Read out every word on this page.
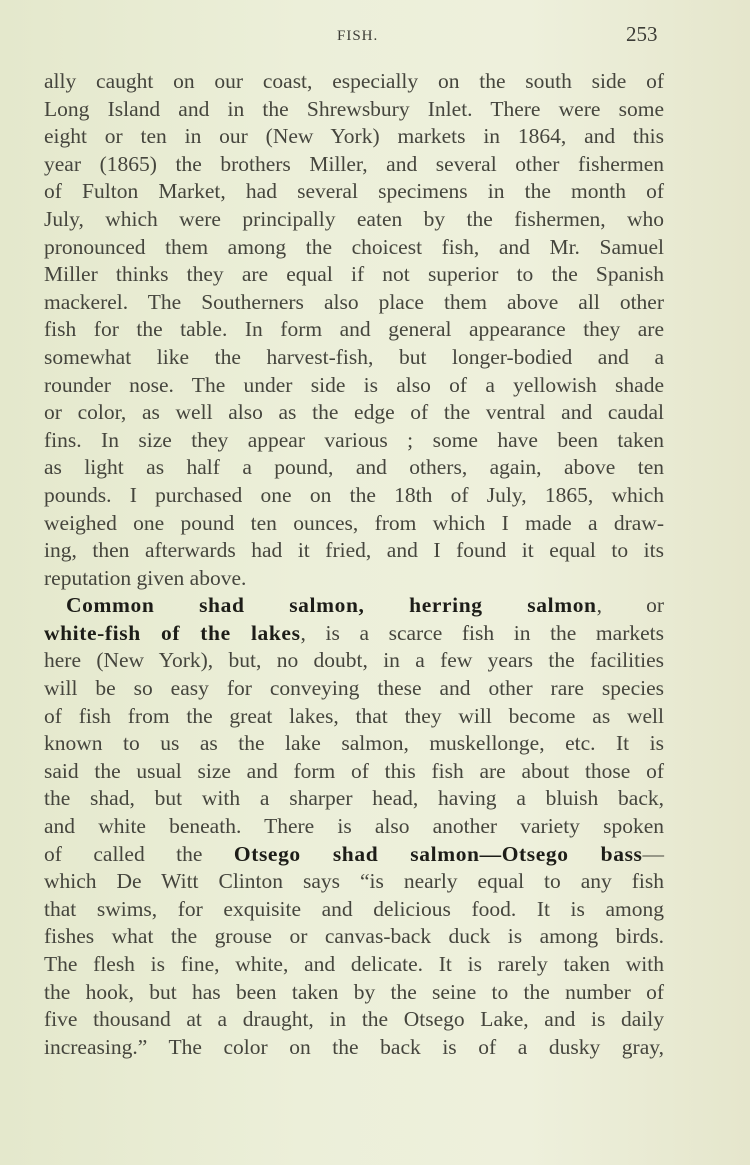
FISH.	253
ally caught on our coast, especially on the south side of
Long Island and in the Shrewsbury Inlet. There were some
eight or ten in our (New York) markets in 1864, and this
year (1865) the brothers Miller, and several other fishermen
of Fulton Market, had several specimens in the month of
July, which were principally eaten by the fishermen, who
pronounced them among the choicest fish, and Mr. Samuel
Miller thinks they are equal if not superior to the Spanish
mackerel. The Southerners also place them above all other
fish for the table. In form and general appearance they are
somewhat like the harvest-fish, but longer-bodied and a
rounder nose. The under side is also of a yellowish shade
or color, as well also as the edge of the ventral and caudal
fins. In size they appear various ; some have been taken
as light as half a pound, and others, again, above ten
pounds. I purchased one on the 18th of July, 1865, which
weighed one pound ten ounces, from which I made a draw-
ing, then afterwards had it fried, and I found it equal to its
reputation given above.
Common shad salmon, herring salmon, or
white-fish of the lakes, is a scarce fish in the markets
here (New York), but, no doubt, in a few years the facilities
will be so easy for conveying these and other rare species
of fish from the great lakes, that they will become as well
known to us as the lake salmon, muskellonge, etc. It is
said the usual size and form of this fish are about those of
the shad, but with a sharper head, having a bluish back,
and white beneath. There is also another variety spoken
of called the Otsego shad salmon—Otsego bass—
which De Witt Clinton says “is nearly equal to any fish
that swims, for exquisite and delicious food. It is among
fishes what the grouse or canvas-back duck is among birds.
The flesh is fine, white, and delicate. It is rarely taken with
the hook, but has been taken by the seine to the number of
five thousand at a draught, in the Otsego Lake, and is daily
increasing.” The color on the back is of a dusky gray,
